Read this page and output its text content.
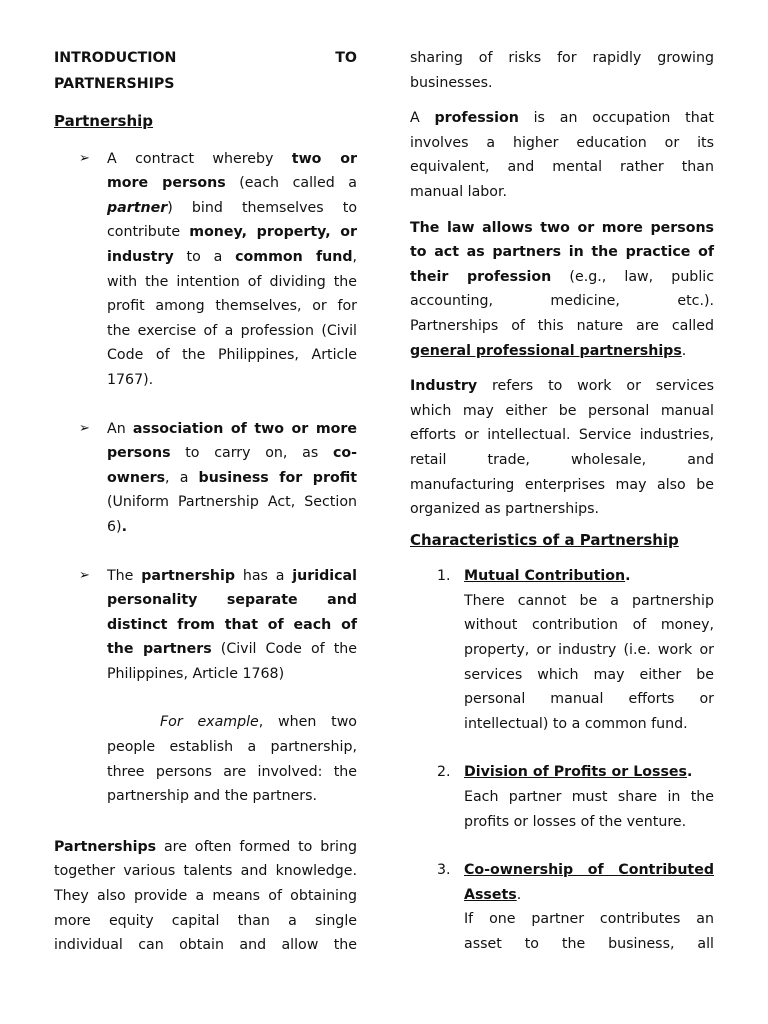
INTRODUCTION	TO
PARTNERSHIPS
Partnership
➢ A contract whereby two or

more persons (each called a

partner) bind themselves to

contribute money, property, or

industry to a common fund,

with the intention of dividing the

profit among themselves, or for

the exercise of a profession (Civil

Code of the Philippines, Article

1767).

➢ An association of two or more

persons to carry on, as co-

owners, a business for profit

(Uniform Partnership Act, Section

6).

➢ The partnership has a juridical

personality separate and

distinct from that of each of

the partners (Civil Code of the

Philippines, Article 1768)

For example, when two

people establish a partnership,

three persons are involved: the

partnership and the partners.

Partnerships are often formed to bring

together various talents and knowledge.

They also provide a means of obtaining

more equity capital than a single

individual can obtain and allow the

sharing of risks for rapidly growing

businesses.

A profession is an occupation that

involves a higher education or its

equivalent, and mental rather than

manual labor.

The law allows two or more persons

to act as partners in the practice of

their profession (e.g., law, public

accounting, medicine, etc.).

Partnerships of this nature are called

general professional partnerships.

Industry refers to work or services

which may either be personal manual

efforts or intellectual. Service industries,

retail trade, wholesale, and

manufacturing enterprises may also be

organized as partnerships.

Characteristics of a Partnership
1. Mutual Contribution.

There cannot be a partnership

without contribution of money,

property, or industry (i.e. work or

services which may either be

personal manual efforts or

intellectual) to a common fund.

2. Division of Profits or Losses.

Each partner must share in the

profits or losses of the venture.

3. Co-ownership of Contributed

Assets.

If one partner contributes an

asset to the business, all
